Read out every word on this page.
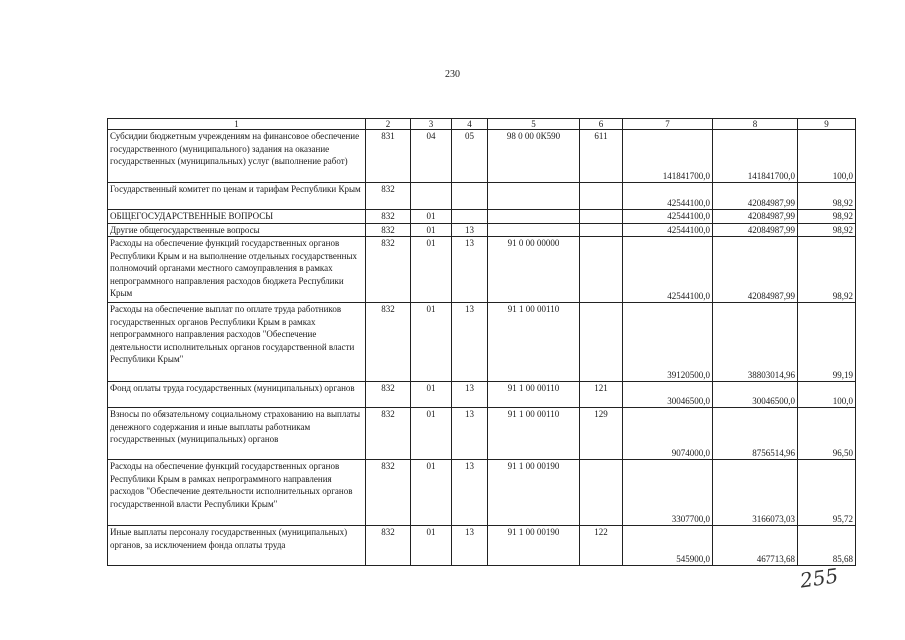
230
1	2	3	4	5	6	7	8	9
Субсидии бюджетным учреждениям на финансовое обеспечение государственного (муниципального) задания на оказание государственных (муниципальных) услуг (выполнение работ)	831	04	05	98 0 00 0К590	611	141841700,0	141841700,0	100,0
Государственный комитет по ценам и тарифам Республики Крым	832					42544100,0	42084987,99	98,92
ОБЩЕГОСУДАРСТВЕННЫЕ ВОПРОСЫ	832	01				42544100,0	42084987,99	98,92
Другие общегосударственные вопросы	832	01	13			42544100,0	42084987,99	98,92
Расходы на обеспечение функций государственных органов Республики Крым и на выполнение отдельных государственных полномочий органами местного самоуправления в рамках непрограммного направления расходов бюджета Республики Крым	832	01	13	91 0 00 00000		42544100,0	42084987,99	98,92
Расходы на обеспечение выплат по оплате труда работников государственных органов Республики Крым в рамках непрограммного направления расходов "Обеспечение деятельности исполнительных органов государственной власти Республики Крым"	832	01	13	91 1 00 00110		39120500,0	38803014,96	99,19
Фонд оплаты труда государственных (муниципальных) органов	832	01	13	91 1 00 00110	121	30046500,0	30046500,0	100,0
Взносы по обязательному социальному страхованию на выплаты денежного содержания и иные выплаты работникам государственных (муниципальных) органов	832	01	13	91 1 00 00110	129	9074000,0	8756514,96	96,50
Расходы на обеспечение функций государственных органов Республики Крым в рамках непрограммного направления расходов "Обеспечение деятельности исполнительных органов государственной власти Республики Крым"	832	01	13	91 1 00 00190		3307700,0	3166073,03	95,72
Иные выплаты персоналу государственных (муниципальных) органов, за исключением фонда оплаты труда	832	01	13	91 1 00 00190	122	545900,0	467713,68	85,68
255
